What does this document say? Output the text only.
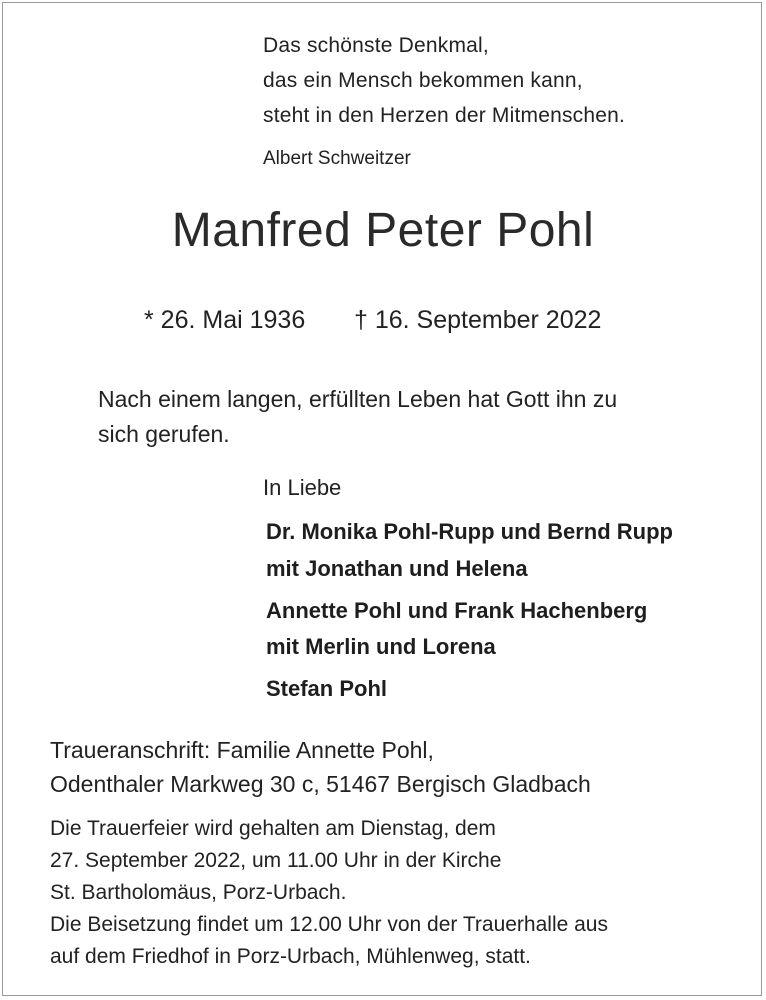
Das schönste Denkmal,
das ein Mensch bekommen kann,
steht in den Herzen der Mitmenschen.
Albert Schweitzer
Manfred Peter Pohl
* 26. Mai 1936 † 16. September 2022
Nach einem langen, erfüllten Leben hat Gott ihn zu
sich gerufen.
In Liebe
Dr. Monika Pohl-Rupp und Bernd Rupp
mit Jonathan und Helena
Annette Pohl und Frank Hachenberg
mit Merlin und Lorena
Stefan Pohl
Traueranschrift: Familie Annette Pohl,
Odenthaler Markweg 30 c, 51467 Bergisch Gladbach
Die Trauerfeier wird gehalten am Dienstag, dem
27. September 2022, um 11.00 Uhr in der Kirche
St. Bartholomäus, Porz-Urbach.
Die Beisetzung findet um 12.00 Uhr von der Trauerhalle aus
auf dem Friedhof in Porz-Urbach, Mühlenweg, statt.
